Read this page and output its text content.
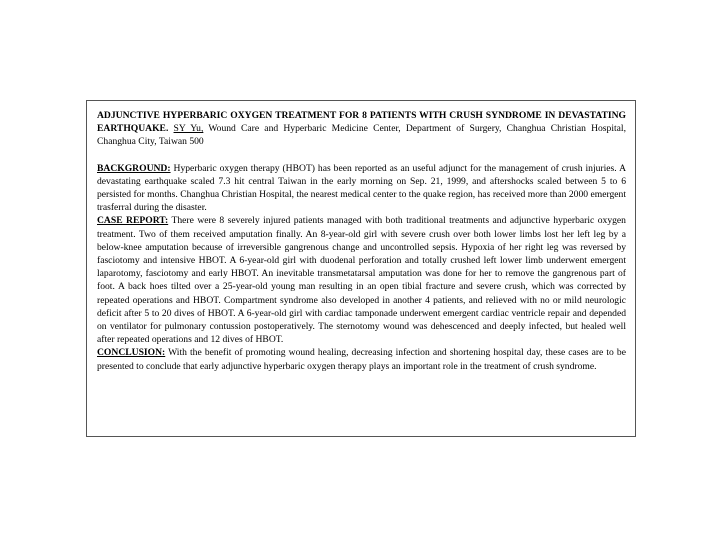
ADJUNCTIVE HYPERBARIC OXYGEN TREATMENT FOR 8 PATIENTS WITH CRUSH SYNDROME IN DEVASTATING EARTHQUAKE. SY Yu, Wound Care and Hyperbaric Medicine Center, Department of Surgery, Changhua Christian Hospital, Changhua City, Taiwan 500

BACKGROUND: Hyperbaric oxygen therapy (HBOT) has been reported as an useful adjunct for the management of crush injuries. A devastating earthquake scaled 7.3 hit central Taiwan in the early morning on Sep. 21, 1999, and aftershocks scaled between 5 to 6 persisted for months. Changhua Christian Hospital, the nearest medical center to the quake region, has received more than 2000 emergent trasferral during the disaster.

CASE REPORT: There were 8 severely injured patients managed with both traditional treatments and adjunctive hyperbaric oxygen treatment. Two of them received amputation finally. An 8-year-old girl with severe crush over both lower limbs lost her left leg by a below-knee amputation because of irreversible gangrenous change and uncontrolled sepsis. Hypoxia of her right leg was reversed by fasciotomy and intensive HBOT. A 6-year-old girl with duodenal perforation and totally crushed left lower limb underwent emergent laparotomy, fasciotomy and early HBOT. An inevitable transmetatarsal amputation was done for her to remove the gangrenous part of foot. A back hoes tilted over a 25-year-old young man resulting in an open tibial fracture and severe crush, which was corrected by repeated operations and HBOT. Compartment syndrome also developed in another 4 patients, and relieved with no or mild neurologic deficit after 5 to 20 dives of HBOT. A 6-year-old girl with cardiac tamponade underwent emergent cardiac ventricle repair and depended on ventilator for pulmonary contussion postoperatively. The sternotomy wound was dehescenced and deeply infected, but healed well after repeated operations and 12 dives of HBOT.

CONCLUSION: With the benefit of promoting wound healing, decreasing infection and shortening hospital day, these cases are to be presented to conclude that early adjunctive hyperbaric oxygen therapy plays an important role in the treatment of crush syndrome.
